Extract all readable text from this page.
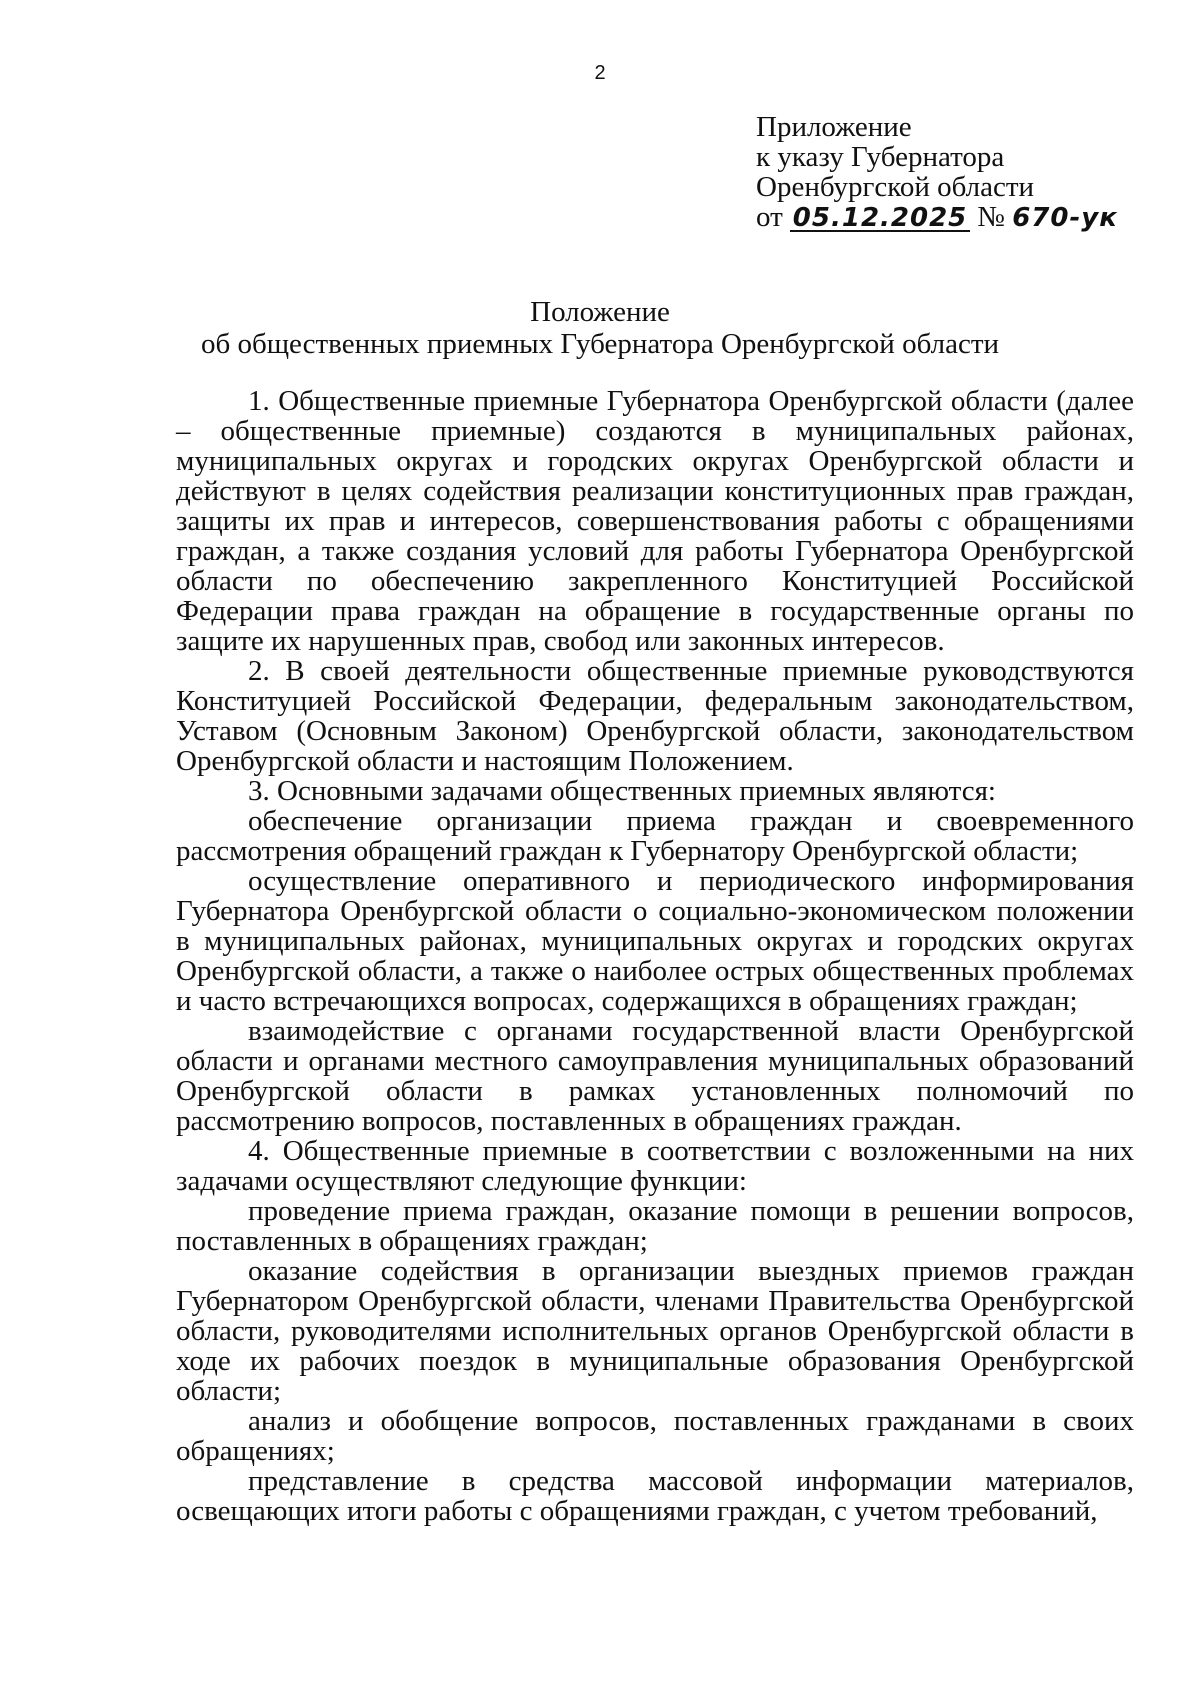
2
Приложение
к указу Губернатора
Оренбургской области
от 05.12.2025 № 670-ук
Положение
об общественных приемных Губернатора Оренбургской области

1. Общественные приемные Губернатора Оренбургской области (далее – общественные приемные) создаются в муниципальных районах, муниципальных округах и городских округах Оренбургской области и действуют в целях содействия реализации конституционных прав граждан, защиты их прав и интересов, совершенствования работы с обращениями граждан, а также создания условий для работы Губернатора Оренбургской области по обеспечению закрепленного Конституцией Российской Федерации права граждан на обращение в государственные органы по защите их нарушенных прав, свобод или законных интересов.

2. В своей деятельности общественные приемные руководствуются Конституцией Российской Федерации, федеральным законодательством, Уставом (Основным Законом) Оренбургской области, законодательством Оренбургской области и настоящим Положением.

3. Основными задачами общественных приемных являются:

обеспечение организации приема граждан и своевременного рассмотрения обращений граждан к Губернатору Оренбургской области;

осуществление оперативного и периодического информирования Губернатора Оренбургской области о социально-экономическом положении в муниципальных районах, муниципальных округах и городских округах Оренбургской области, а также о наиболее острых общественных проблемах и часто встречающихся вопросах, содержащихся в обращениях граждан;

взаимодействие с органами государственной власти Оренбургской области и органами местного самоуправления муниципальных образований Оренбургской области в рамках установленных полномочий по рассмотрению вопросов, поставленных в обращениях граждан.

4. Общественные приемные в соответствии с возложенными на них задачами осуществляют следующие функции:

проведение приема граждан, оказание помощи в решении вопросов, поставленных в обращениях граждан;

оказание содействия в организации выездных приемов граждан Губернатором Оренбургской области, членами Правительства Оренбургской области, руководителями исполнительных органов Оренбургской области в ходе их рабочих поездок в муниципальные образования Оренбургской области;

анализ и обобщение вопросов, поставленных гражданами в своих обращениях;

представление в средства массовой информации материалов, освещающих итоги работы с обращениями граждан, с учетом требований,
